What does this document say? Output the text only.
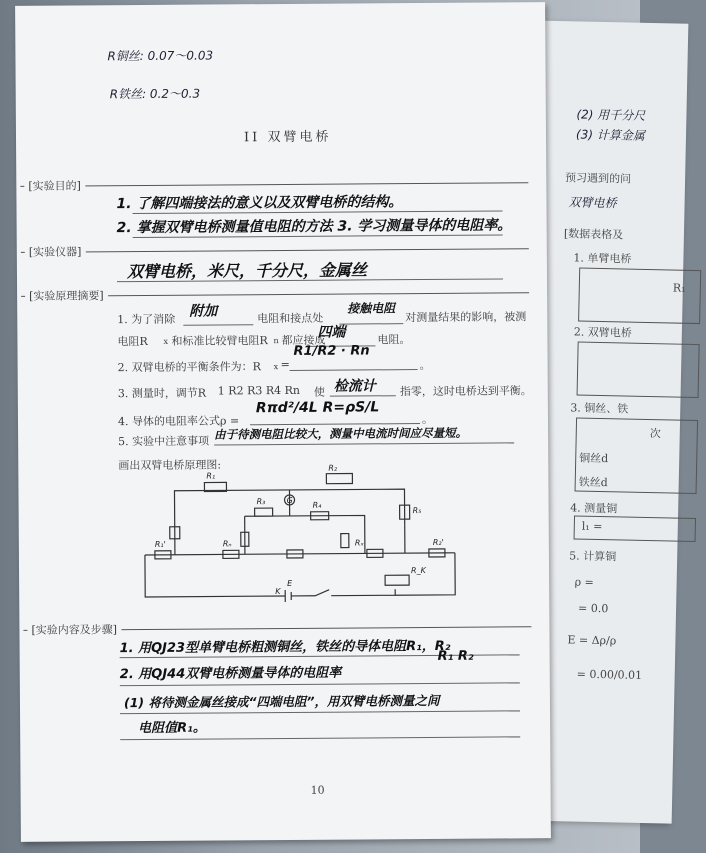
(2) 用千分尺
(3) 计算金属
预习遇到的问
双臂电桥
[数据表格及
1. 单臂电桥
R₁
2. 双臂电桥
3. 铜丝、铁
次
铜丝d
铁丝d
4. 测量铜
l₁ =
5. 计算铜
ρ =
= 0.0
E = Δρ/ρ
= 0.00/0.01
R铜丝: 0.07～0.03
R铁丝: 0.2～0.3
II 双臂电桥
[实验目的]
1. 了解四端接法的意义以及双臂电桥的结构。
2. 掌握双臂电桥测量值电阻的方法 3. 学习测量导体的电阻率。
[实验仪器]
双臂电桥，米尺，千分尺，金属丝
[实验原理摘要]
1. 为了消除 附加	电阻和接点处
接触电阻
对测量结果的影响，被测
电阻R x 和标准比较臂电阻R n 都应接成
四端	电阻。
2. 双臂电桥的平衡条件为：R x =
R1/R2 · Rn
。
3. 测量时，调节R 1 R2 R3 R4 Rn 使 检流计 指零，这时电桥达到平衡。
4. 导体的电阻率公式ρ =
Rπd²/4L R=ρS/L
。
5. 实验中注意事项 由于待测电阻比较大，测量中电流时间应尽量短。
画出双臂电桥原理图:
R₁
R₂
R₃	R₄
R₅
R₁'	R₂'
Rₓ
Rₙ
G
K
R_K
E
[实验内容及步骤]
1. 用QJ23型单臂电桥粗测铜丝，铁丝的导体电阻R₁，R₂
2. 用QJ44双臂电桥测量导体的电阻率
R₁ R₂
(1) 将待测金属丝接成“四端电阻”，用双臂电桥测量之间
电阻值R₁。
10
